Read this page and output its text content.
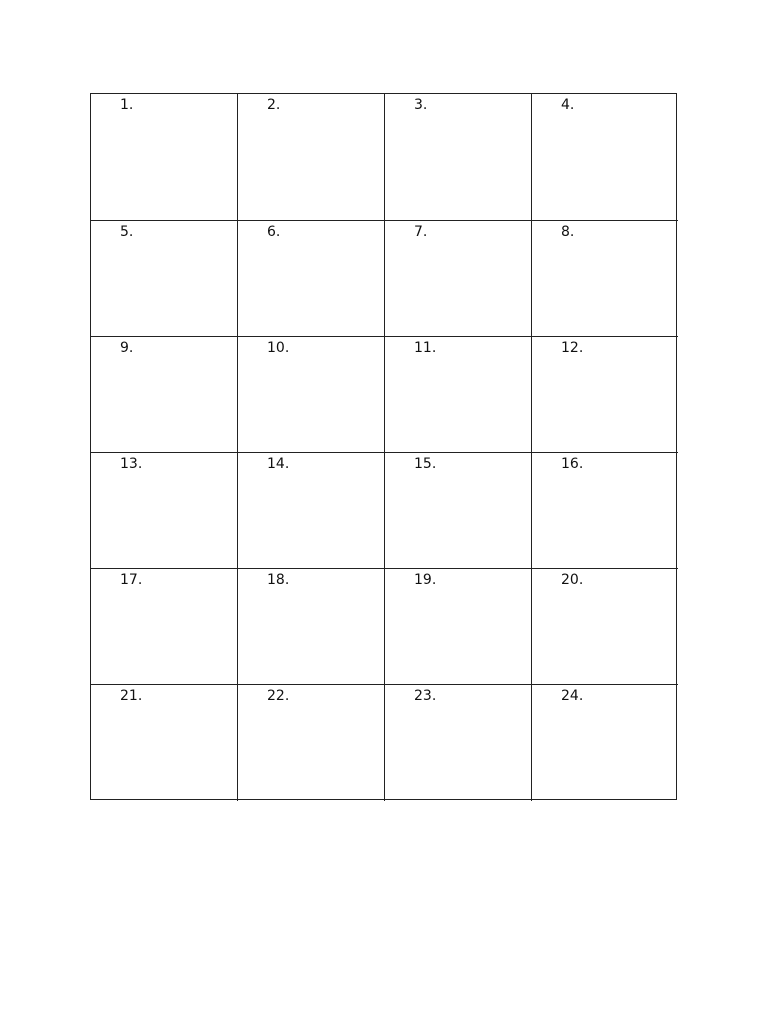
1.	2.	3.	4.
5.	6.	7.	8.
9.	10.	11.	12.
13.	14.	15.	16.
17.	18.	19.	20.
21.	22.	23.	24.
